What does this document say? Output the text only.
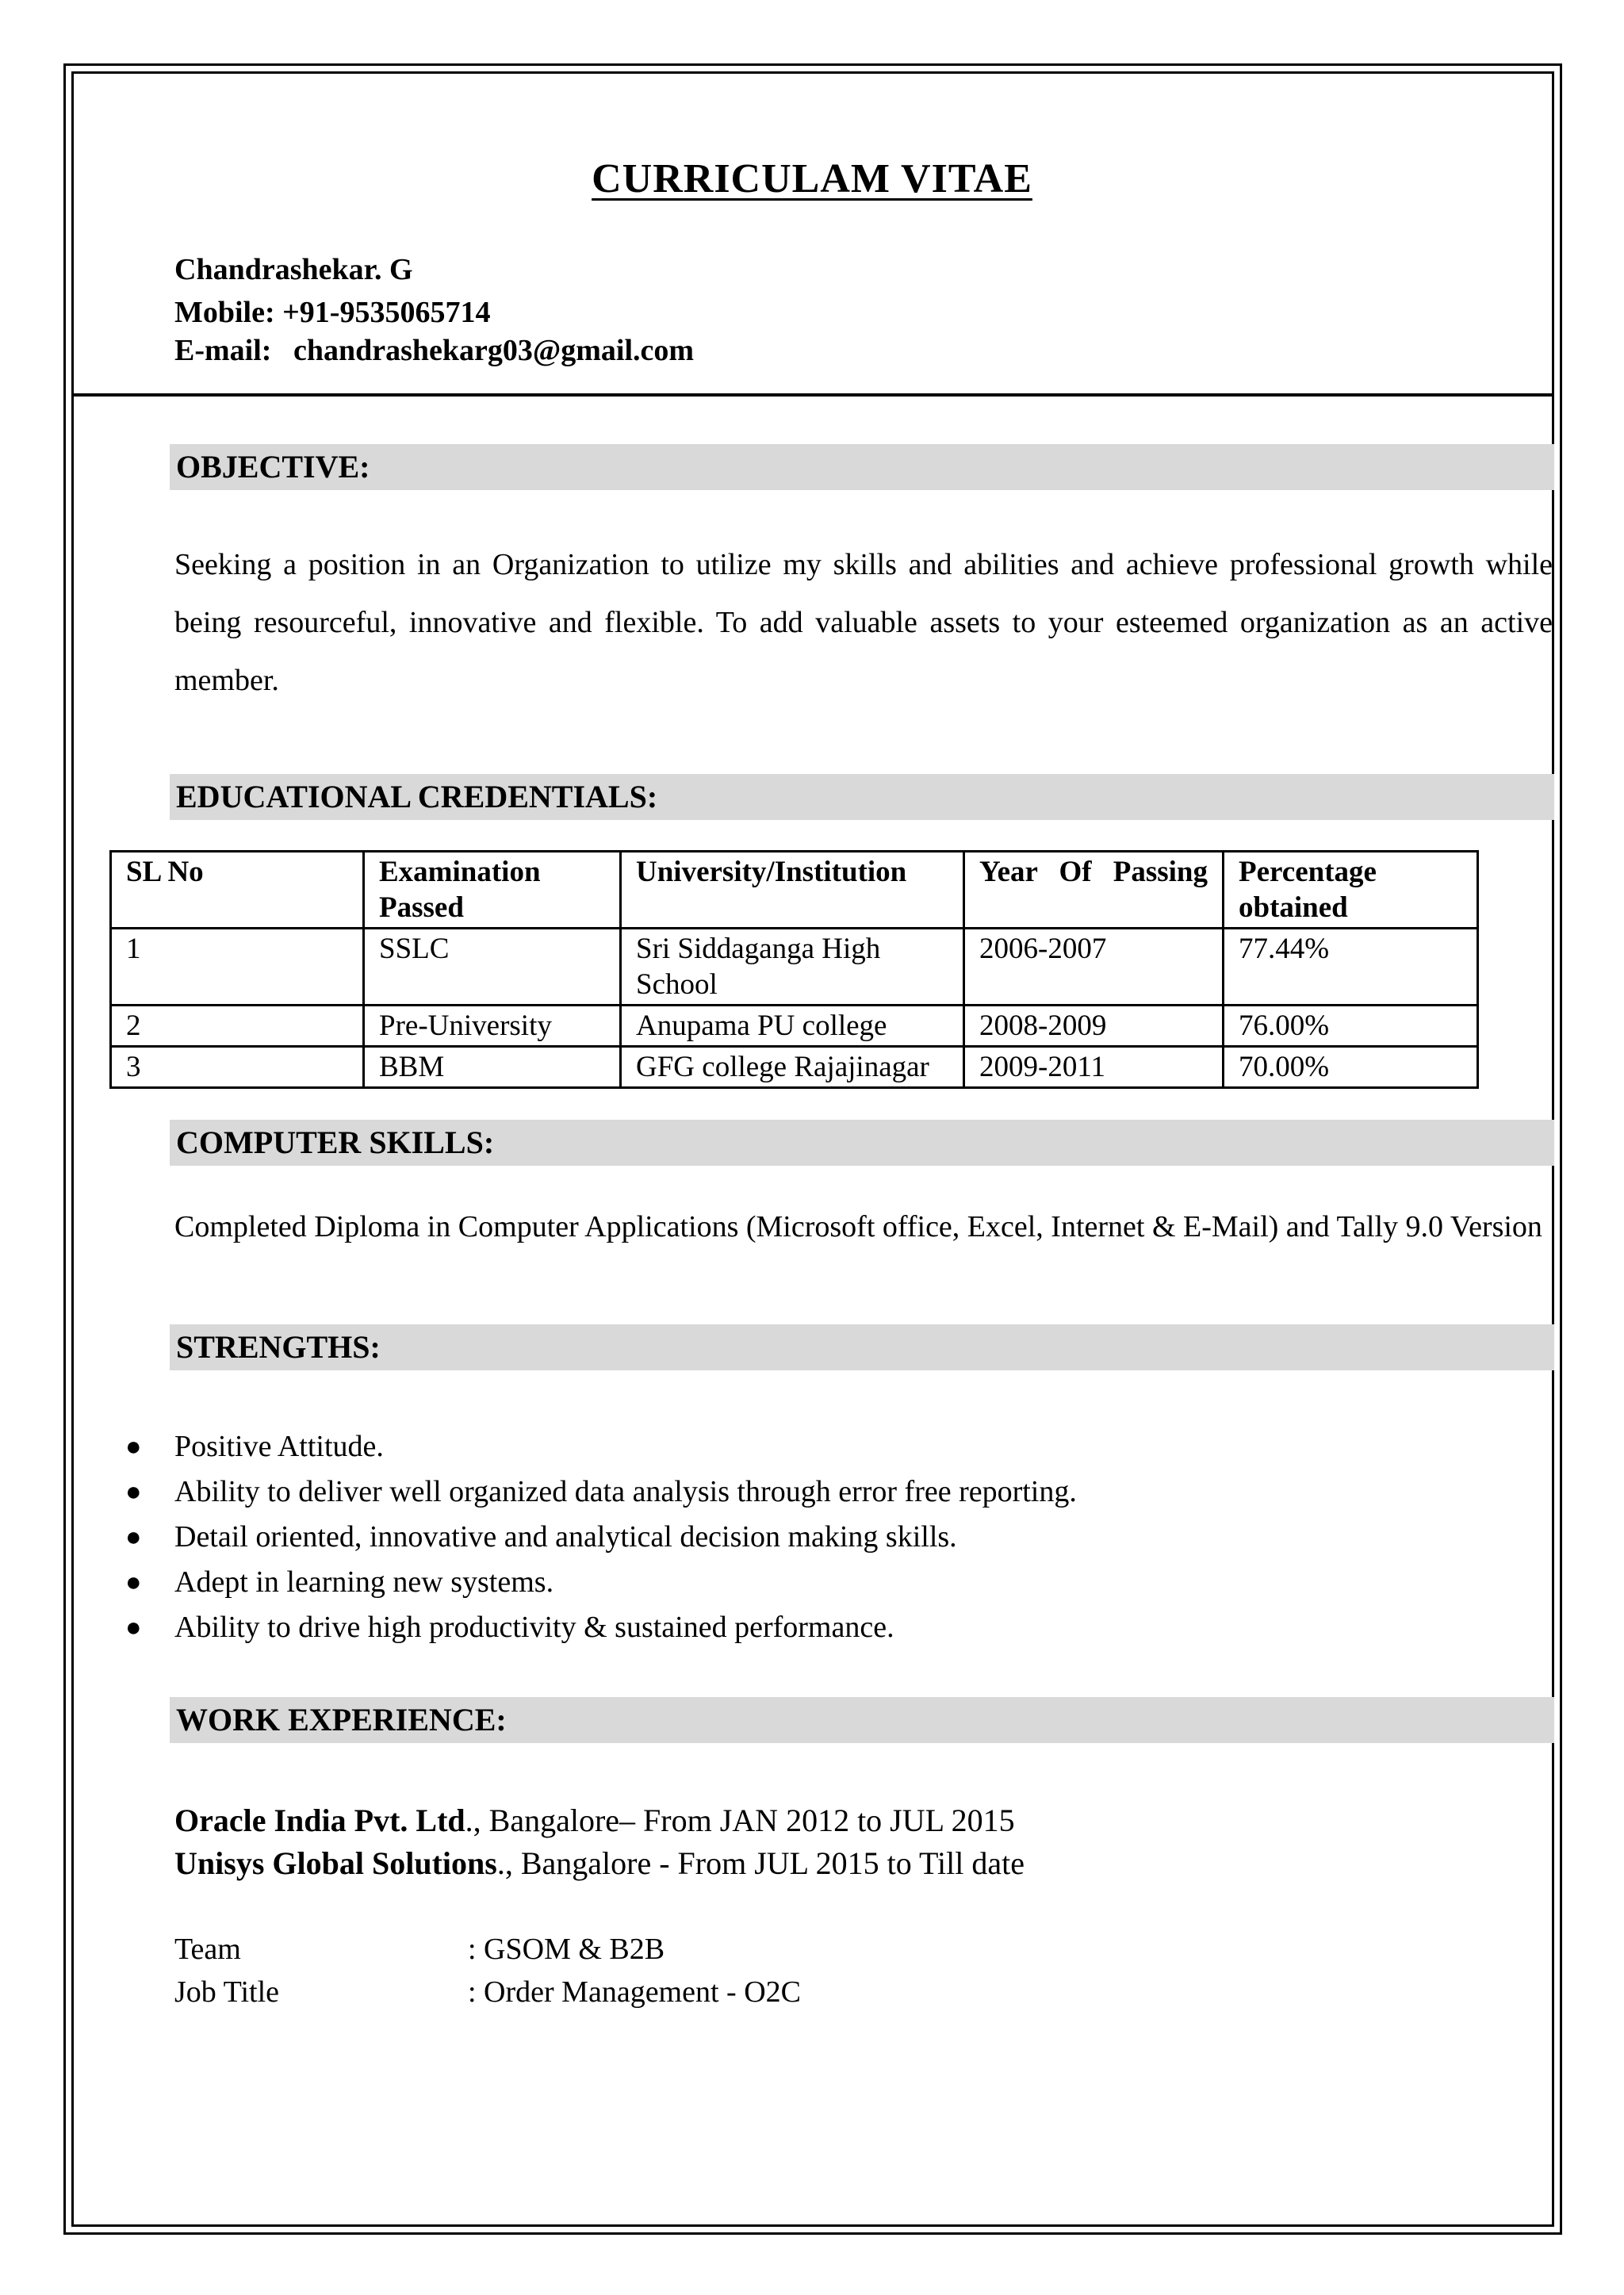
CURRICULAM VITAE
Chandrashekar. G
Mobile: +91-9535065714
E-mail: chandrashekarg03@gmail.com
OBJECTIVE:
Seeking a position in an Organization to utilize my skills and abilities and achieve professional growth while being resourceful, innovative and flexible. To add valuable assets to your esteemed organization as an active member.
EDUCATIONAL CREDENTIALS:
SL No	Examination Passed	University/Institution	Year Of Passing	Percentage obtained
1	SSLC	Sri Siddaganga High School	2006-2007	77.44%
2	Pre-University	Anupama PU college	2008-2009	76.00%
3	BBM	GFG college Rajajinagar	2009-2011	70.00%
COMPUTER SKILLS:
Completed Diploma in Computer Applications (Microsoft office, Excel, Internet & E-Mail) and Tally 9.0 Version
STRENGTHS:
● Positive Attitude.
● Ability to deliver well organized data analysis through error free reporting.
● Detail oriented, innovative and analytical decision making skills.
● Adept in learning new systems.
● Ability to drive high productivity & sustained performance.
WORK EXPERIENCE:
Oracle India Pvt. Ltd., Bangalore– From JAN 2012 to JUL 2015
Unisys Global Solutions., Bangalore - From JUL 2015 to Till date
Team	: GSOM & B2B
Job Title	: Order Management - O2C
